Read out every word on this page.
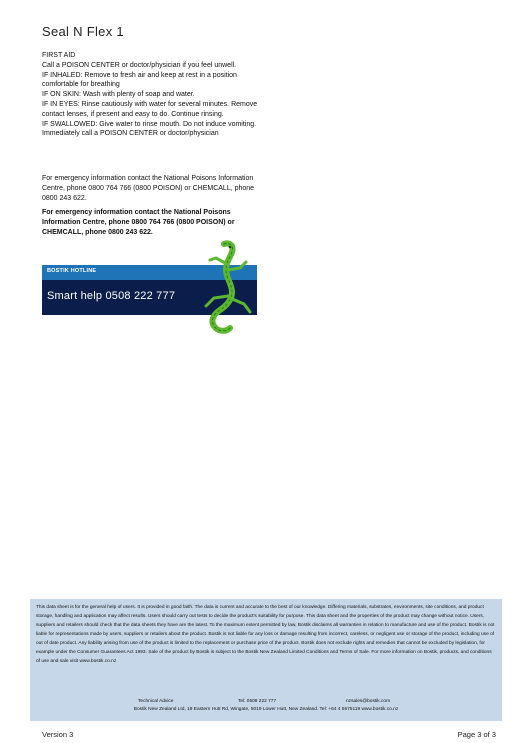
Seal N Flex 1
FIRST AID
Call a POISON CENTER or doctor/physician if you feel unwell.
IF INHALED: Remove to fresh air and keep at rest in a position comfortable for breathing
IF ON SKIN: Wash with plenty of soap and water.
IF IN EYES: Rinse cautiously with water for several minutes. Remove contact lenses, if present and easy to do. Continue rinsing.
IF SWALLOWED: Give water to rinse mouth. Do not induce vomiting. Immediately call a POISON CENTER or doctor/physician
For emergency information contact the National Poisons Information Centre, phone 0800 764 766 (0800 POISON) or CHEMCALL, phone 0800 243 622.
For emergency information contact the National Poisons Information Centre, phone 0800 764 766 (0800 POISON) or CHEMCALL, phone 0800 243 622.
BOSTIK HOTLINE
Smart help 0508 222 777
This data sheet is for the general help of users. It is provided in good faith. The data is current and accurate to the best of our knowledge. Differing materials, substrates, environments, site conditions, and product storage, handling and application may affect results. Users should carry out tests to decide the product's suitability for purpose. This data sheet and the properties of the product may change without notice. Users, suppliers and retailers should check that the data sheets they have are the latest. To the maximum extent permitted by law, Bostik disclaims all warranties in relation to manufacture and use of the product. Bostik is not liable for representations made by users, suppliers or retailers about the product. Bostik is not liable for any loss or damage resulting from incorrect, careless, or negligent use or storage of the product, including use of out of date product. Any liability arising from use of the product is limited to the replacement or purchase price of the product. Bostik does not exclude rights and remedies that cannot be excluded by legislation, for example under the Consumer Guarantees Act 1993. Sale of the product by Bostik is subject to the Bostik New Zealand Limited Conditions and Terms of Sale. For more information on Bostik, products, and conditions of use and sale visit www.bostik.co.nz
Technical Advice	Tel: 0508 222 777	nzsales@bostik.com
Bostik New Zealand Ltd, 19 Eastern Hutt Rd, Wingate, 5019 Lower Hutt, New Zealand. Tel: +64 4 5675119 www.bostik.co.nz
Version 3	Page 3 of 3
